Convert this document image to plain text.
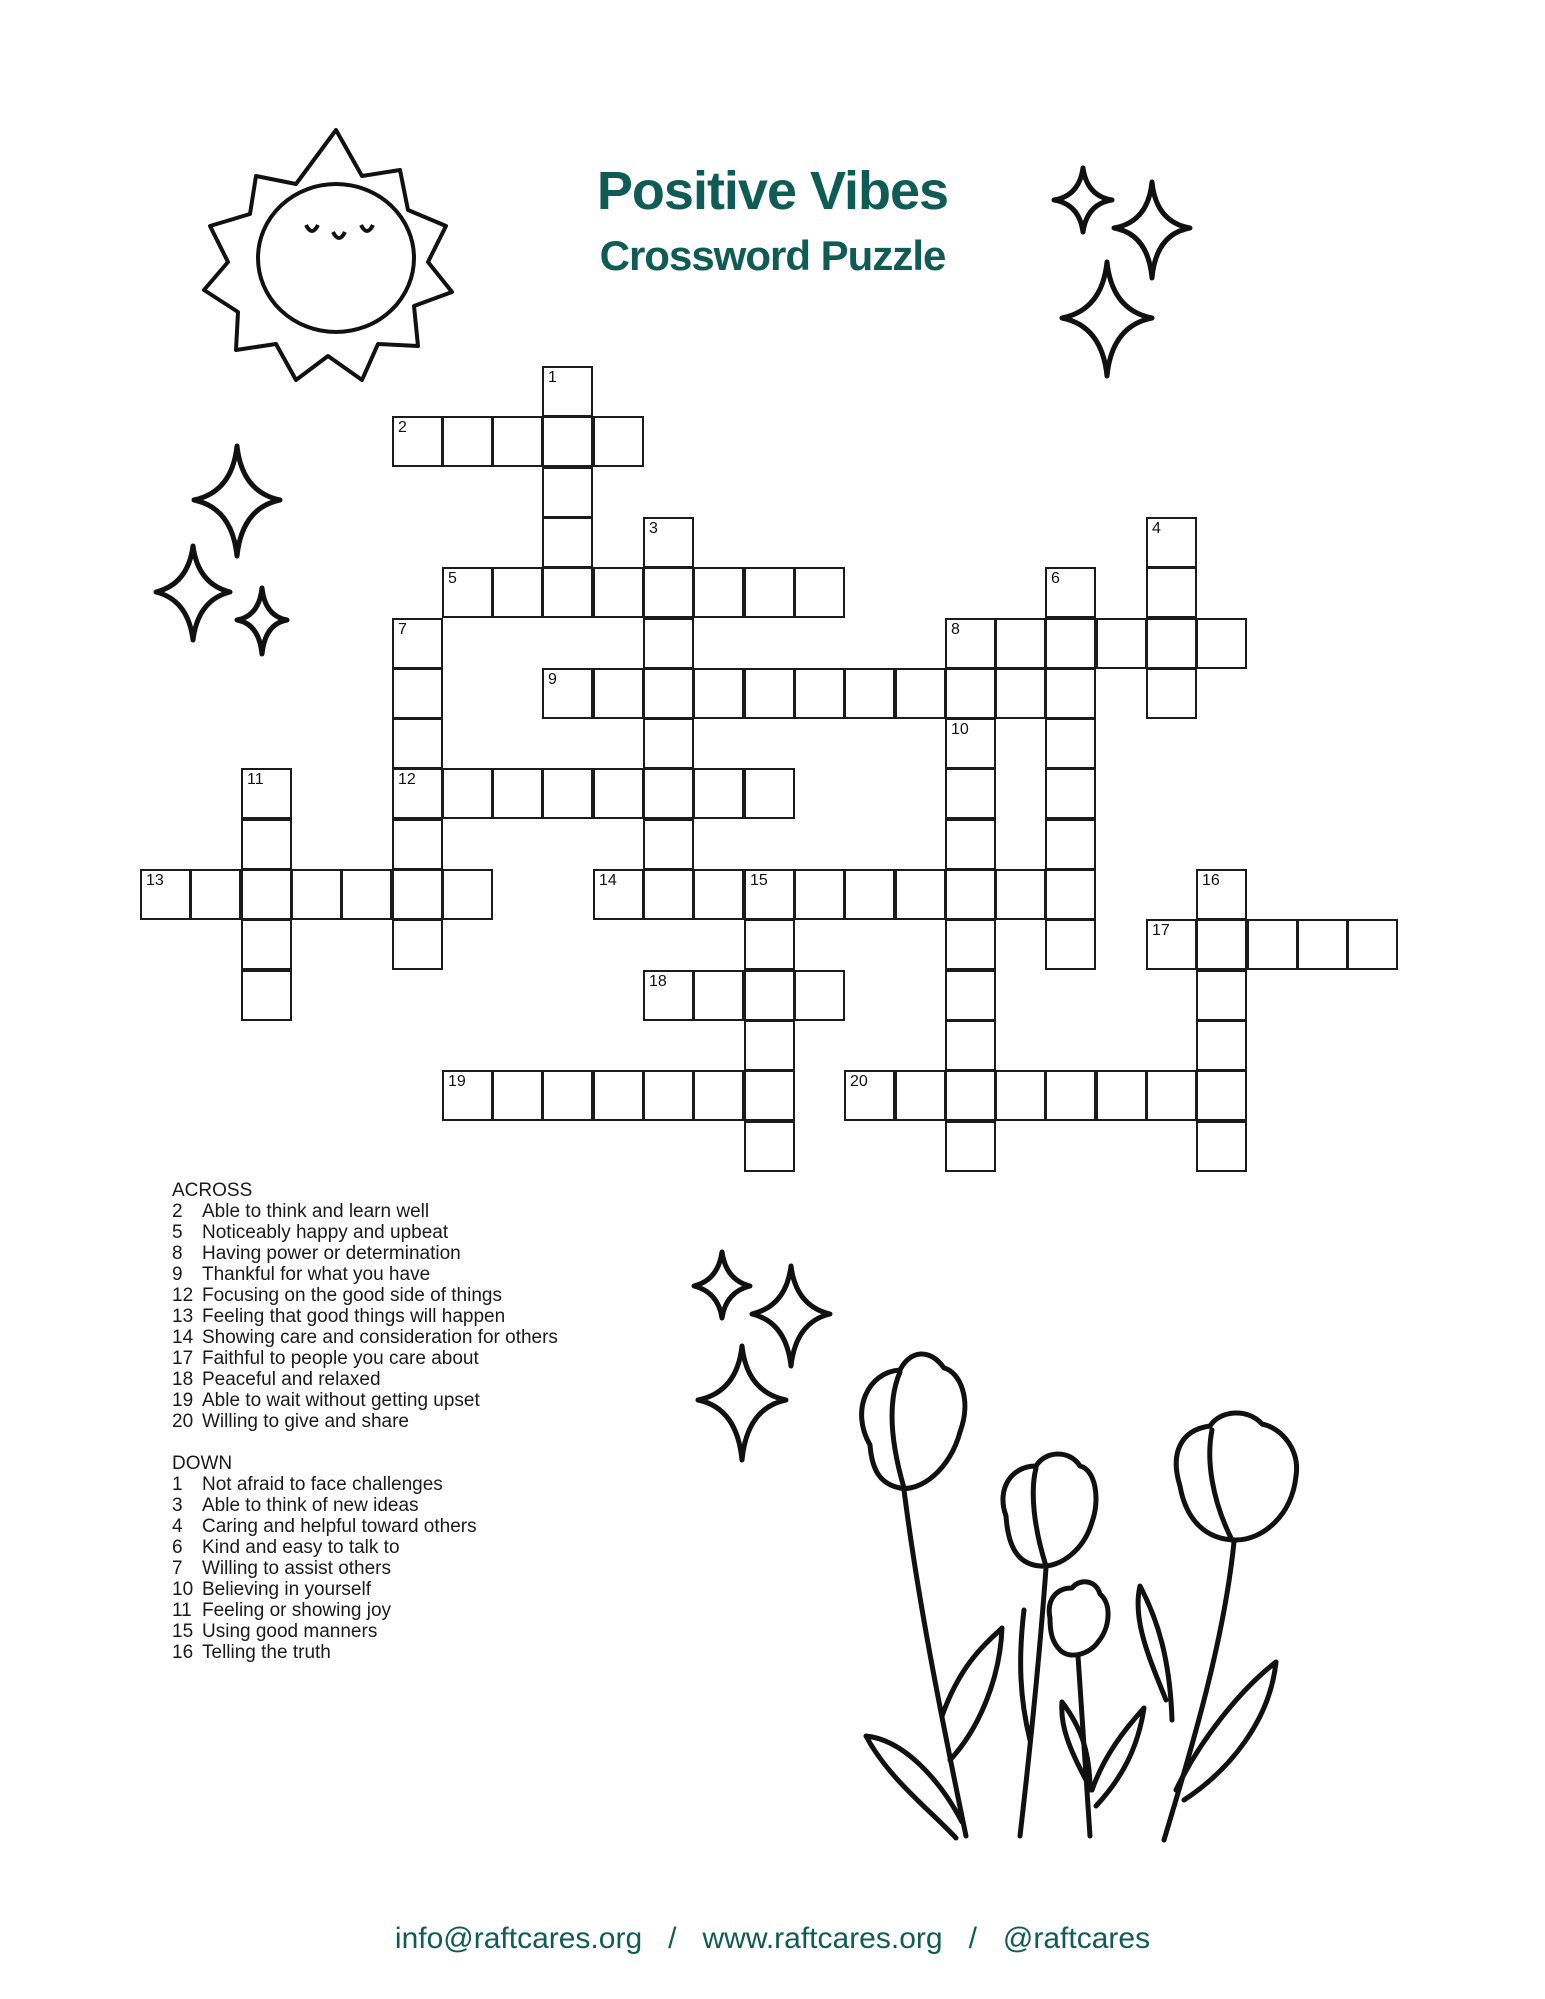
Positive Vibes
Crossword Puzzle
1
2
3	4
5	6
7
12
8
9
10
11
13	14	15	16
17
18
19	20
ACROSS
2 Able to think and learn well
5 Noticeably happy and upbeat
8 Having power or determination
9 Thankful for what you have
12 Focusing on the good side of things
13 Feeling that good things will happen
14 Showing care and consideration for others
17 Faithful to people you care about
18 Peaceful and relaxed
19 Able to wait without getting upset
20 Willing to give and share
DOWN
1 Not afraid to face challenges
3 Able to think of new ideas
4 Caring and helpful toward others
6 Kind and easy to talk to
7 Willing to assist others
10 Believing in yourself
11 Feeling or showing joy
15 Using good manners
16 Telling the truth
info@raftcares.org / www.raftcares.org / @raftcares
